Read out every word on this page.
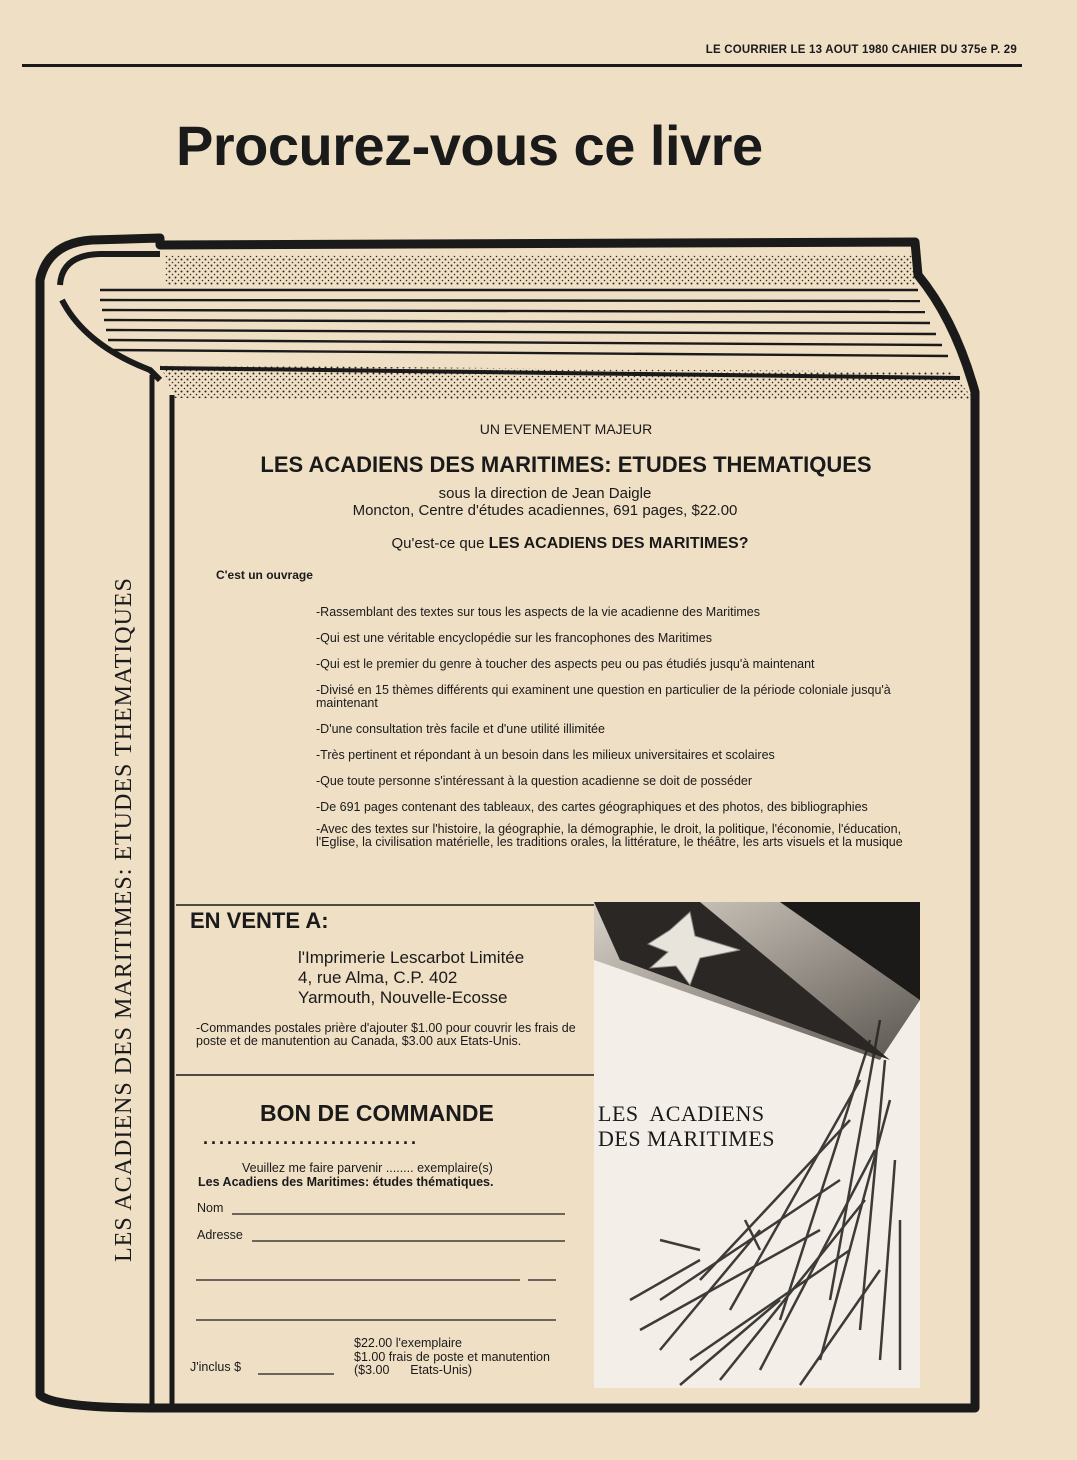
LE COURRIER LE 13 AOUT 1980 CAHIER DU 375e P. 29
Procurez-vous ce livre
LES ACADIENS DES MARITIMES: ETUDES THEMATIQUES
UN EVENEMENT MAJEUR
LES ACADIENS DES MARITIMES: ETUDES THEMATIQUES
sous la direction de Jean Daigle
Moncton, Centre d'études acadiennes, 691 pages, $22.00
Qu'est-ce que LES ACADIENS DES MARITIMES?
C'est un ouvrage
-Rassemblant des textes sur tous les aspects de la vie acadienne des Maritimes
-Qui est une véritable encyclopédie sur les francophones des Maritimes
-Qui est le premier du genre à toucher des aspects peu ou pas étudiés jusqu'à maintenant
-Divisé en 15 thèmes différents qui examinent une question en particulier de la période coloniale jusqu'à maintenant
-D'une consultation très facile et d'une utilité illimitée
-Très pertinent et répondant à un besoin dans les milieux universitaires et scolaires
-Que toute personne s'intéressant à la question acadienne se doit de posséder
-De 691 pages contenant des tableaux, des cartes géographiques et des photos, des bibliographies
-Avec des textes sur l'histoire, la géographie, la démographie, le droit, la politique, l'économie, l'éducation, l'Eglise, la civilisation matérielle, les traditions orales, la littérature, le théâtre, les arts visuels et la musique
EN VENTE A:
l'Imprimerie Lescarbot Limitée
4, rue Alma, C.P. 402
Yarmouth, Nouvelle-Ecosse
-Commandes postales prière d'ajouter $1.00 pour couvrir les frais de poste et de manutention au Canada, $3.00 aux Etats-Unis.
BON DE COMMANDE
...........................
Veuillez me faire parvenir ........ exemplaire(s)
Les Acadiens des Maritimes: études thématiques.
Nom
Adresse
$22.00 l'exemplaire
$1.00 frais de poste et manutention
($3.00      Etats-Unis)
J'inclus $
LES  ACADIENS
DES MARITIMES
